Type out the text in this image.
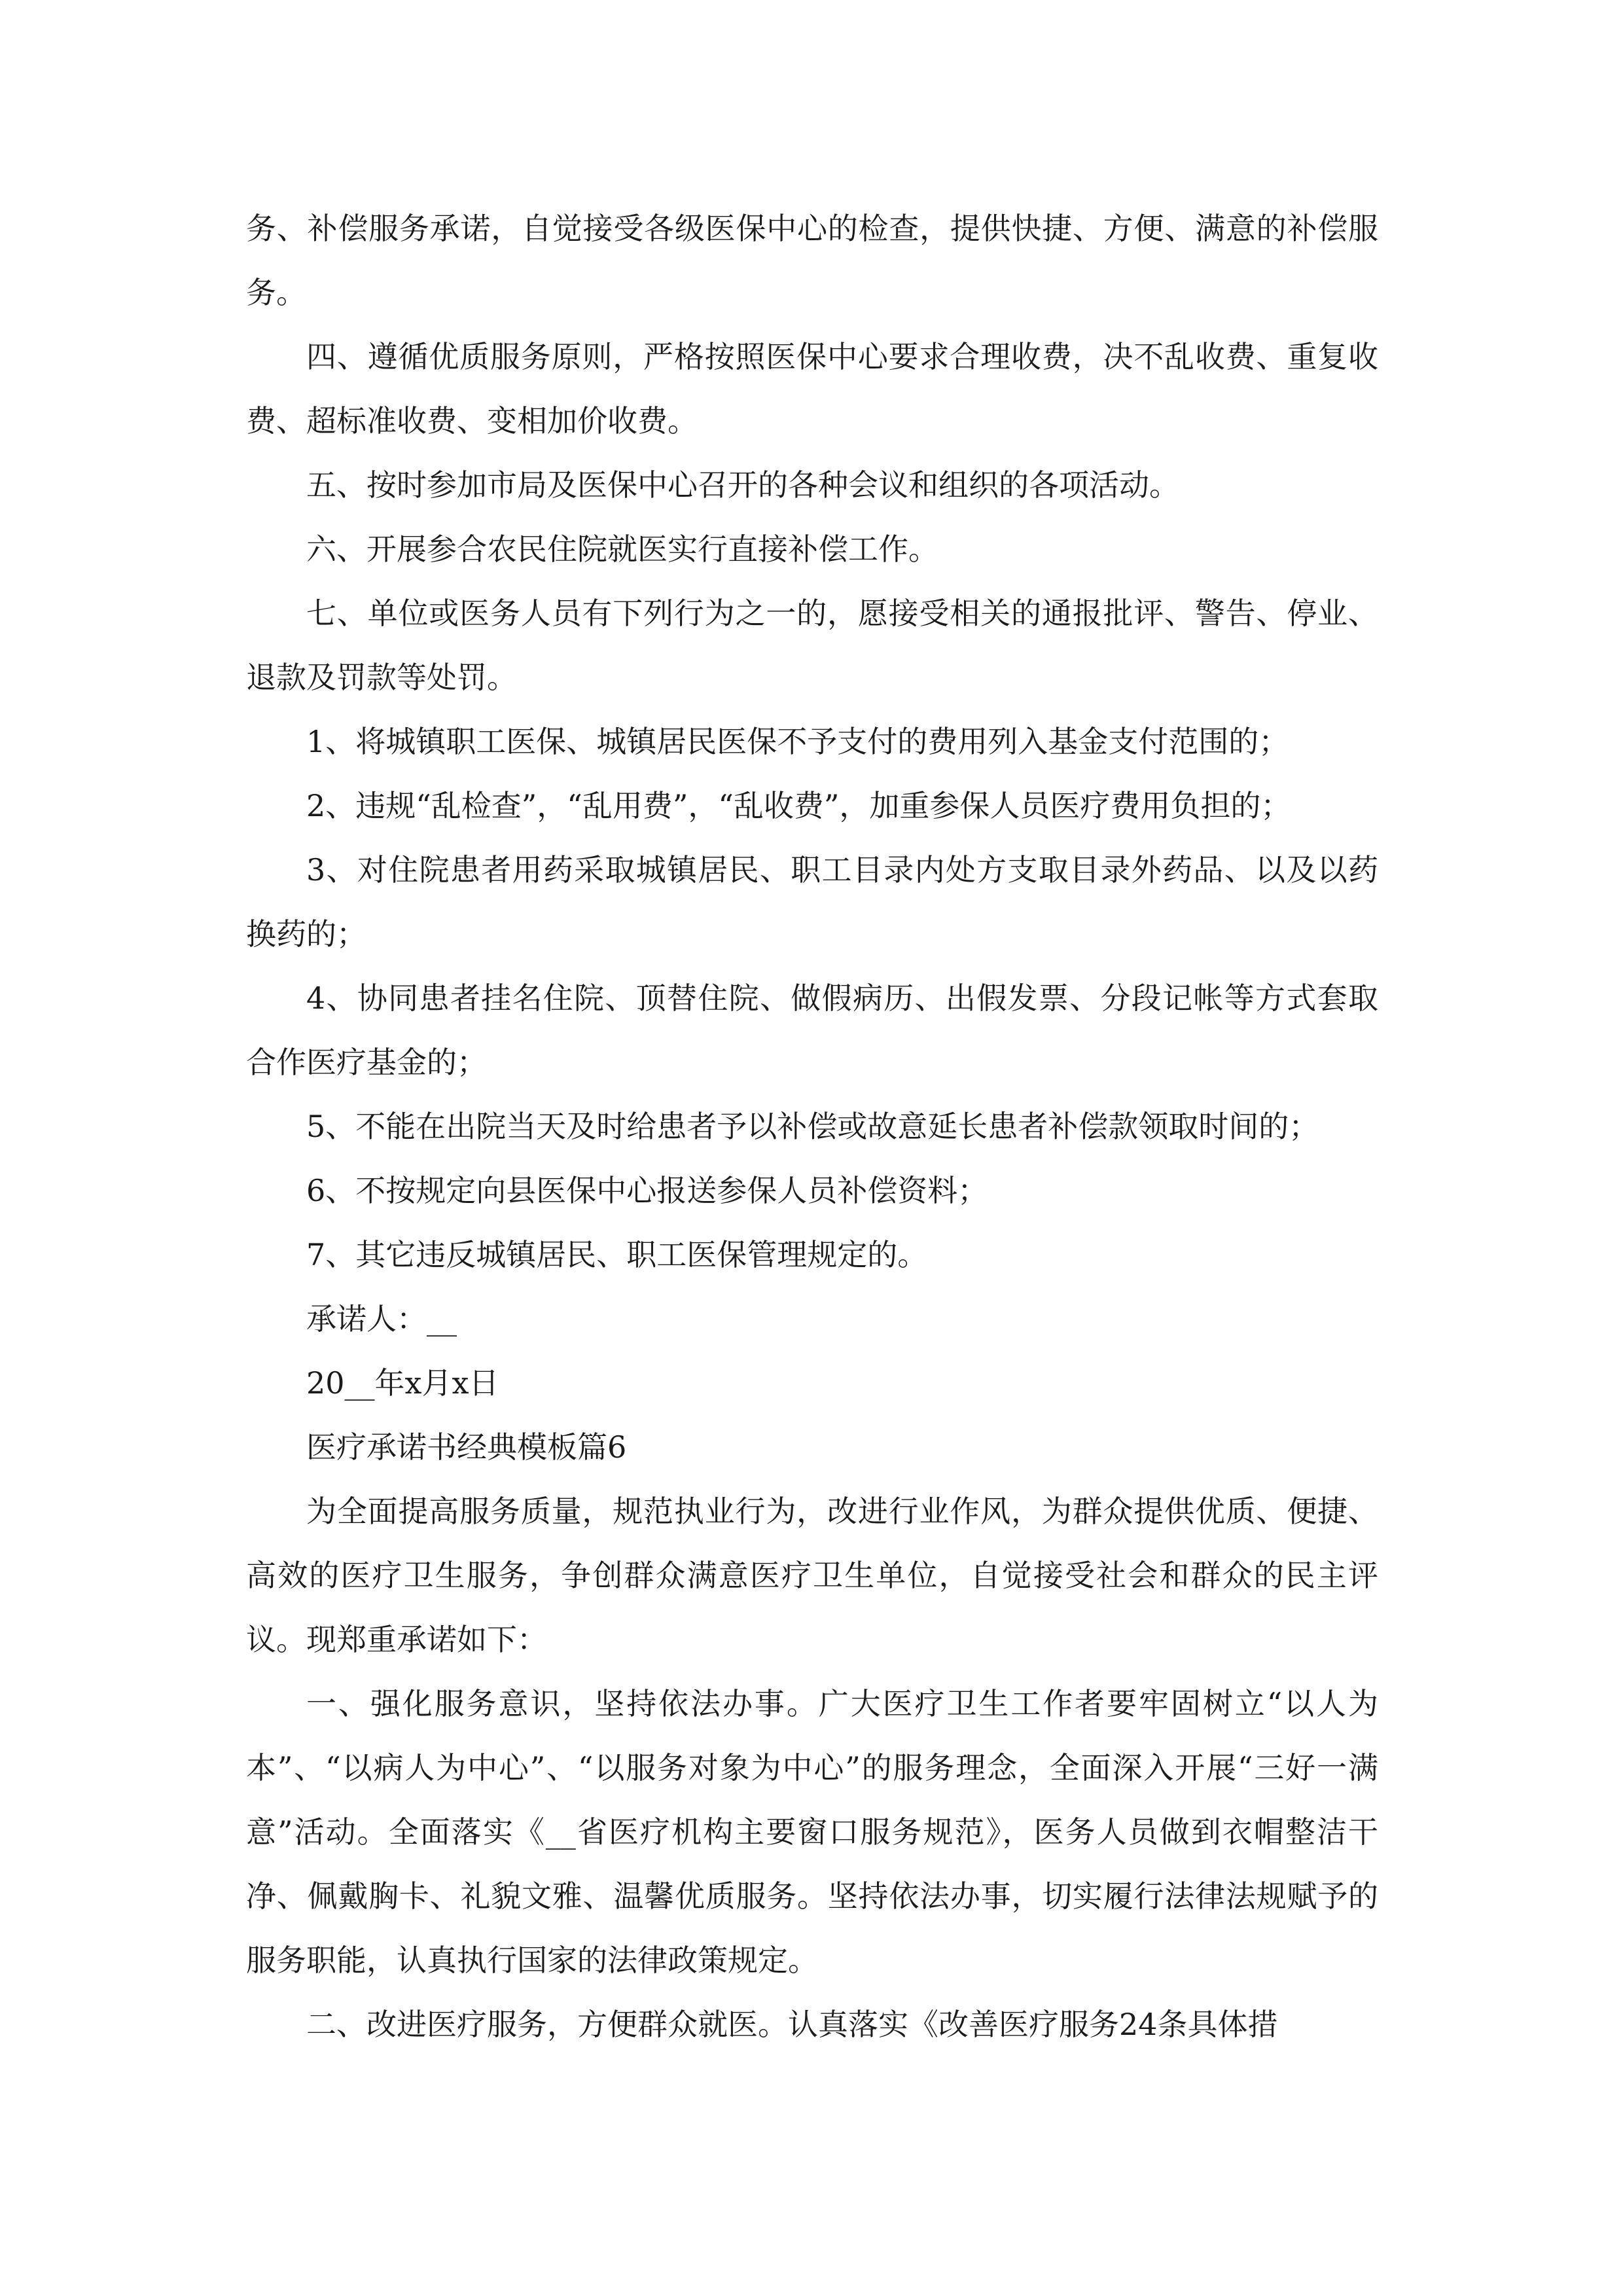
务、补偿服务承诺，自觉接受各级医保中心的检查，提供快捷、方便、满意的补偿服务。

四、遵循优质服务原则，严格按照医保中心要求合理收费，决不乱收费、重复收费、超标准收费、变相加价收费。

五、按时参加市局及医保中心召开的各种会议和组织的各项活动。

六、开展参合农民住院就医实行直接补偿工作。

七、单位或医务人员有下列行为之一的，愿接受相关的通报批评、警告、停业、退款及罚款等处罚。

1、将城镇职工医保、城镇居民医保不予支付的费用列入基金支付范围的；

2、违规“乱检查”，“乱用费”，“乱收费”，加重参保人员医疗费用负担的；

3、对住院患者用药采取城镇居民、职工目录内处方支取目录外药品、以及以药换药的；

4、协同患者挂名住院、顶替住院、做假病历、出假发票、分段记帐等方式套取合作医疗基金的；

5、不能在出院当天及时给患者予以补偿或故意延长患者补偿款领取时间的；

6、不按规定向县医保中心报送参保人员补偿资料；

7、其它违反城镇居民、职工医保管理规定的。

承诺人：__

20__年x月x日

医疗承诺书经典模板篇6

为全面提高服务质量，规范执业行为，改进行业作风，为群众提供优质、便捷、高效的医疗卫生服务，争创群众满意医疗卫生单位，自觉接受社会和群众的民主评议。现郑重承诺如下：

一、强化服务意识，坚持依法办事。广大医疗卫生工作者要牢固树立“以人为本”、“以病人为中心”、“以服务对象为中心”的服务理念，全面深入开展“三好一满意”活动。全面落实《__省医疗机构主要窗口服务规范》，医务人员做到衣帽整洁干净、佩戴胸卡、礼貌文雅、温馨优质服务。坚持依法办事，切实履行法律法规赋予的服务职能，认真执行国家的法律政策规定。

二、改进医疗服务，方便群众就医。认真落实《改善医疗服务24条具体措
